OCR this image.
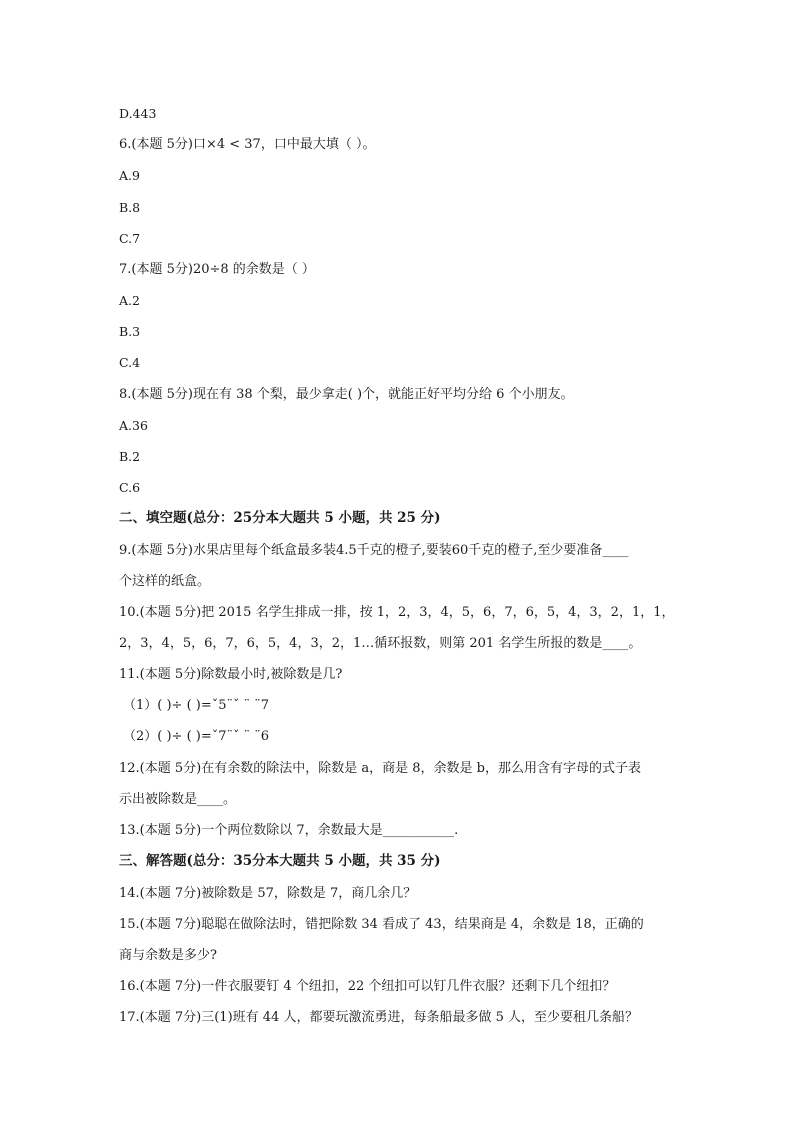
D.443
6.(本题 5分)口×4 < 37，口中最大填（ ）。
A.9
B.8
C.7
7.(本题 5分)20÷8 的余数是（ ）
A.2
B.3
C.4
8.(本题 5分)现在有 38 个梨，最少拿走( )个，就能正好平均分给 6 个小朋友。
A.36
B.2
C.6
二、填空题(总分：25分本大题共 5 小题，共 25 分)
9.(本题 5分)水果店里每个纸盒最多装4.5千克的橙子,要装60千克的橙子,至少要准备____
个这样的纸盒。
10.(本题 5分)把 2015 名学生排成一排，按 1，2，3，4，5，6，7，6，5，4，3，2，1，1，
2，3，4，5，6，7，6，5，4，3，2，1…循环报数，则第 201 名学生所报的数是____。
11.(本题 5分)除数最小时,被除数是几?
（1）( )÷ ( )=ˇ5¨ˇ ¨ ¨7
（2）( )÷ ( )=ˇ7¨ˇ ¨ ¨6
12.(本题 5分)在有余数的除法中，除数是 a，商是 8，余数是 b，那么用含有字母的式子表
示出被除数是____。
13.(本题 5分)一个两位数除以 7，余数最大是___________.
三、解答题(总分：35分本大题共 5 小题，共 35 分)
14.(本题 7分)被除数是 57，除数是 7，商几余几？
15.(本题 7分)聪聪在做除法时，错把除数 34 看成了 43，结果商是 4，余数是 18，正确的
商与余数是多少?
16.(本题 7分)一件衣服要钉 4 个纽扣，22 个纽扣可以钉几件衣服？还剩下几个纽扣？
17.(本题 7分)三(1)班有 44 人，都要玩激流勇进，每条船最多做 5 人，至少要租几条船？
